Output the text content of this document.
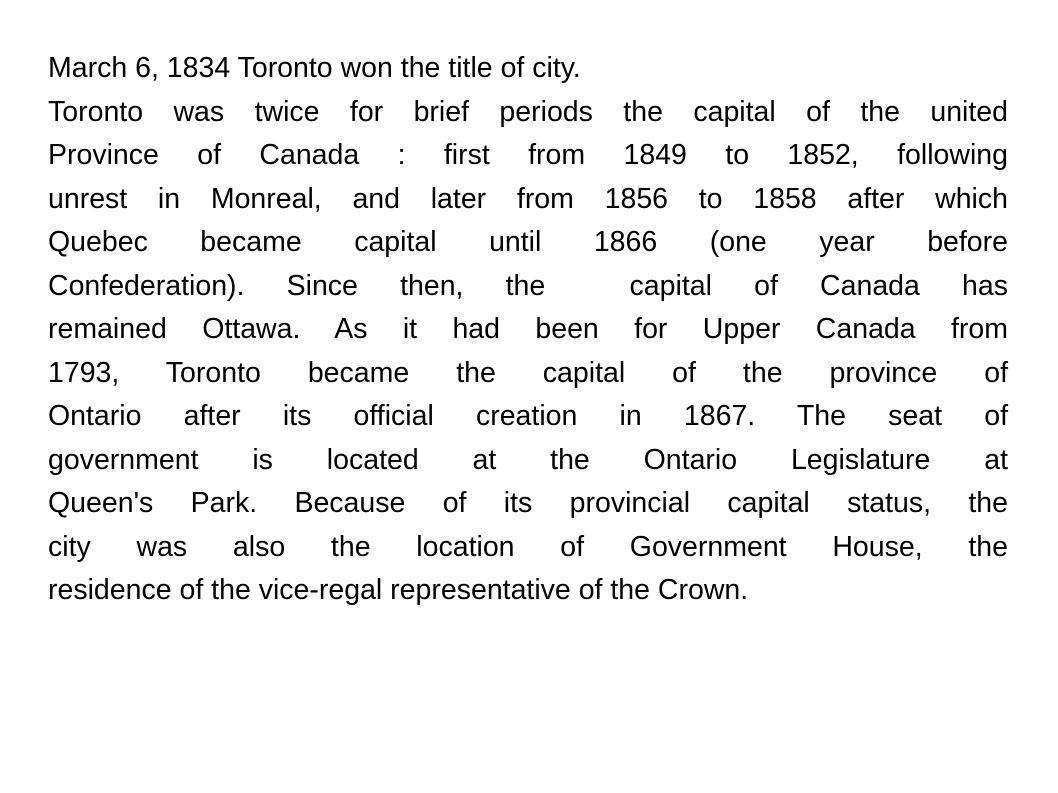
March 6, 1834 Toronto won the title of city.

Toronto was twice for brief periods the capital of the united

Province of Canada : first from 1849 to 1852, following

unrest in Monreal, and later from 1856 to 1858 after which

Quebec became capital until 1866 (one year before

Confederation). Since then, the  capital of Canada has

remained Ottawa. As it had been for Upper Canada from

1793, Toronto became the capital of the province of

Ontario after its official creation in 1867. The seat of

government is located at the Ontario Legislature at

Queen's Park. Because of its provincial capital status, the

city was also the location of Government House, the

residence of the vice-regal representative of the Crown.
